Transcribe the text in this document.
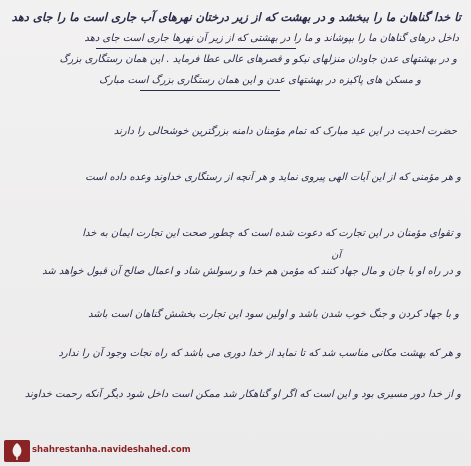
تا خدا گناهان ما را ببخشد و در بهشت که از زیر درختان نهرهای آب جاری است ما را جای دهد
داخل درهای گناهان ما را بپوشاند و ما را در بهشتی که از زیر آن نهرها جاری است جای دهد
و در بهشتهای عدن جاودان منزلهای نیکو و قصرهای عالی عطا فرماید . این همان رستگاری بزرگ
و مسکن های پاکیزه در بهشتهای عدن و این همان رستگاری بزرگ است مبارک
حضرت احدیت در این عید مبارک که تمام مؤمنان دامنه بزرگترین خوشحالی را دارند
و هر مؤمنی که از این آیات الهی پیروی نماید و هر آنچه از رستگاری خداوند وعده داده است
و تقوای مؤمنان در این تجارت که دعوت شده است که چطور صحت این تجارت ایمان به خدا
آن
و در راه او با جان و مال جهاد کنند که مؤمن هم خدا و رسولش شاد و اعمال صالح آن قبول خواهد شد
و با جهاد کردن و جنگ خوب شدن باشد و اولین سود این تجارت بخشش گناهان است باشد
و هر که بهشت مکانی مناسب شد که تا نماید از خدا دوری می باشد که راه نجات وجود آن را ندارد
و از خدا دور مسیری بود و این است که اگر او گناهکار شد ممکن است داخل شود دیگر آنکه رحمت خداوند
shahrestanha.navideshahed.com
